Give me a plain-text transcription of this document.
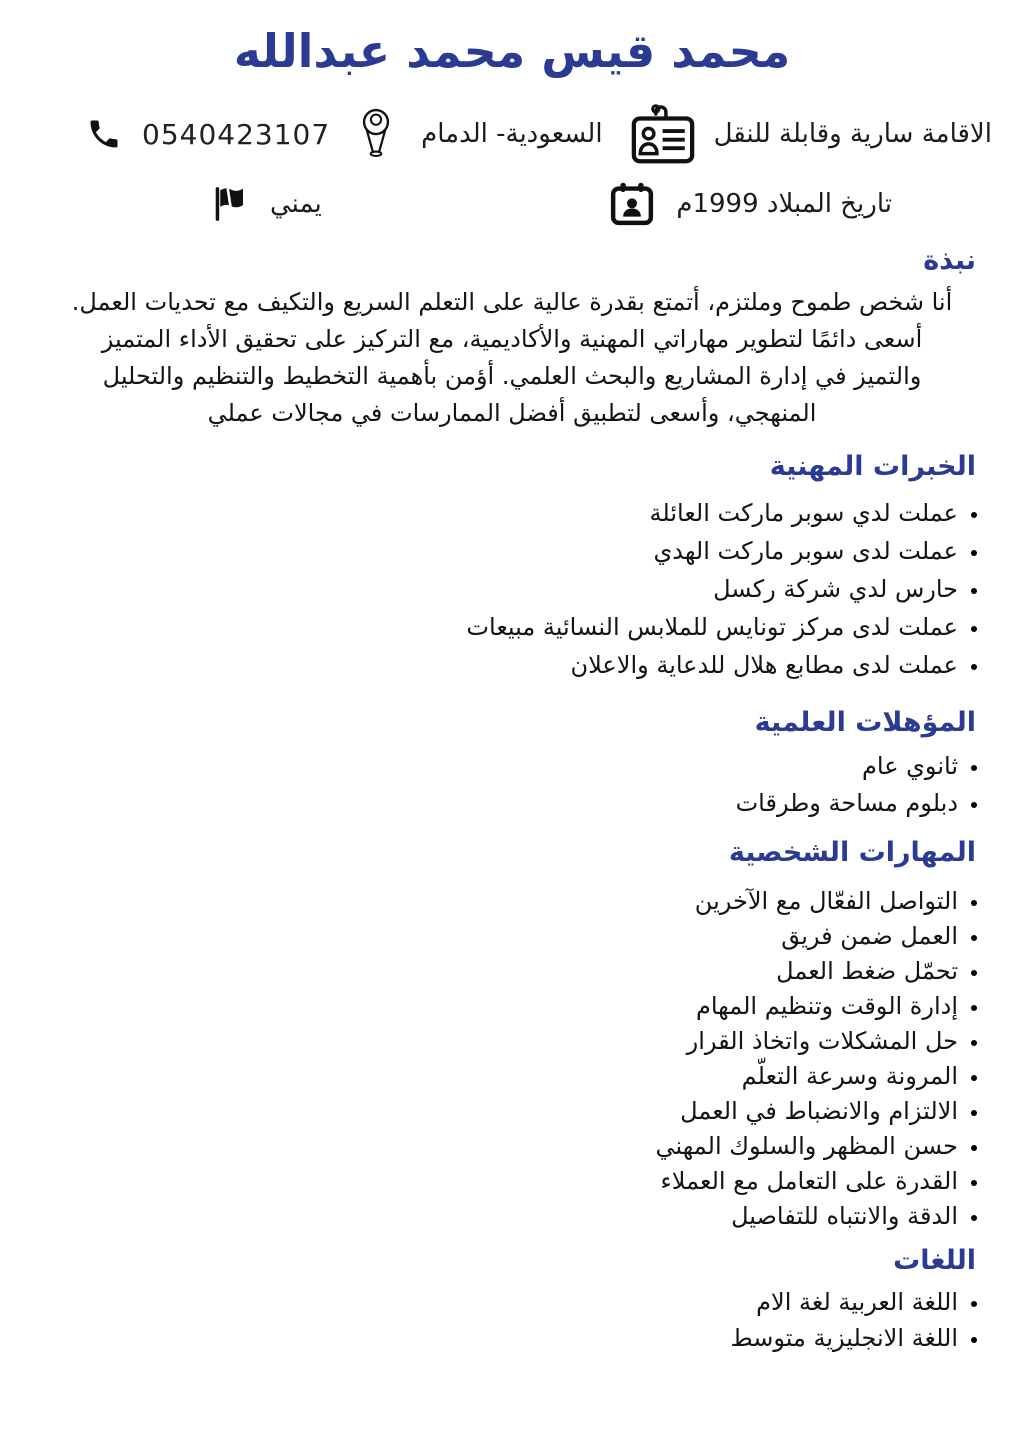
محمد قيس محمد عبدالله
0540423107	السعودية- الدمام	الاقامة سارية وقابلة للنقل
يمني	تاريخ المبلاد 1999م
نبذة
أنا شخص طموح وملتزم، أتمتع بقدرة عالية على التعلم السريع والتكيف مع تحديات العمل.
أسعى دائمًا لتطوير مهاراتي المهنية والأكاديمية، مع التركيز على تحقيق الأداء المتميز
والتميز في إدارة المشاريع والبحث العلمي. أؤمن بأهمية التخطيط والتنظيم والتحليل
المنهجي، وأسعى لتطبيق أفضل الممارسات في مجالات عملي
الخبرات المهنية
• عملت لدي سوبر ماركت العائلة
• عملت لدى سوبر ماركت الهدي
• حارس لدي شركة ركسل
• عملت لدى مركز تونايس للملابس النسائية مبيعات
• عملت لدى مطابع هلال للدعاية والاعلان
المؤهلات العلمية
• ثانوي عام
• دبلوم مساحة وطرقات
المهارات الشخصية
• التواصل الفعّال مع الآخرين
• العمل ضمن فريق
• تحمّل ضغط العمل
• إدارة الوقت وتنظيم المهام
• حل المشكلات واتخاذ القرار
• المرونة وسرعة التعلّم
• الالتزام والانضباط في العمل
• حسن المظهر والسلوك المهني
• القدرة على التعامل مع العملاء
• الدقة والانتباه للتفاصيل
اللغات
• اللغة العربية لغة الام
• اللغة الانجليزية متوسط
